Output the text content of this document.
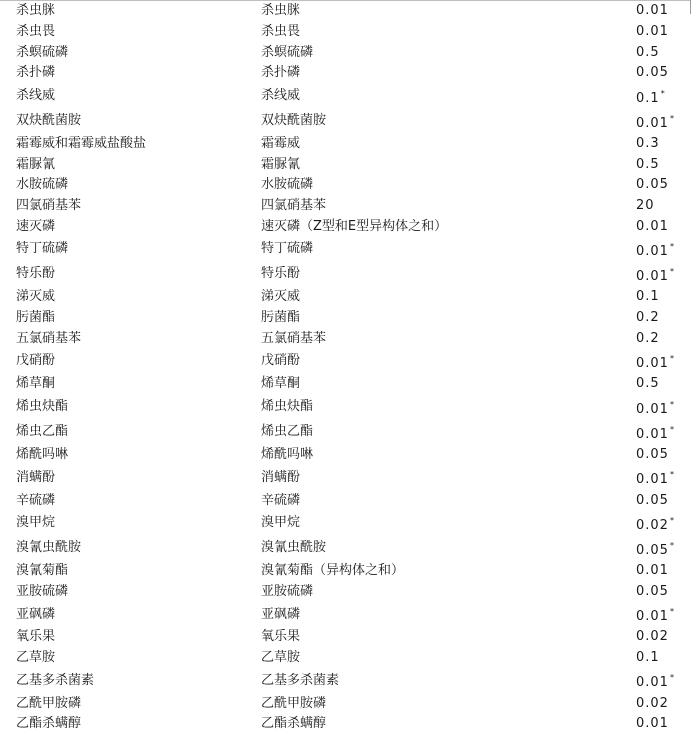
杀虫脒	杀虫脒	0.01
杀虫畏	杀虫畏	0.01
杀螟硫磷	杀螟硫磷	0.5
杀扑磷	杀扑磷	0.05
杀线威	杀线威	0.1*
双炔酰菌胺	双炔酰菌胺	0.01*
霜霉威和霜霉威盐酸盐	霜霉威	0.3
霜脲氰	霜脲氰	0.5
水胺硫磷	水胺硫磷	0.05
四氯硝基苯	四氯硝基苯	20
速灭磷	速灭磷（Z型和E型异构体之和）	0.01
特丁硫磷	特丁硫磷	0.01*
特乐酚	特乐酚	0.01*
涕灭威	涕灭威	0.1
肟菌酯	肟菌酯	0.2
五氯硝基苯	五氯硝基苯	0.2
戊硝酚	戊硝酚	0.01*
烯草酮	烯草酮	0.5
烯虫炔酯	烯虫炔酯	0.01*
烯虫乙酯	烯虫乙酯	0.01*
烯酰吗啉	烯酰吗啉	0.05
消螨酚	消螨酚	0.01*
辛硫磷	辛硫磷	0.05
溴甲烷	溴甲烷	0.02*
溴氰虫酰胺	溴氰虫酰胺	0.05*
溴氰菊酯	溴氰菊酯（异构体之和）	0.01
亚胺硫磷	亚胺硫磷	0.05
亚砜磷	亚砜磷	0.01*
氧乐果	氧乐果	0.02
乙草胺	乙草胺	0.1
乙基多杀菌素	乙基多杀菌素	0.01*
乙酰甲胺磷	乙酰甲胺磷	0.02
乙酯杀螨醇	乙酯杀螨醇	0.01
